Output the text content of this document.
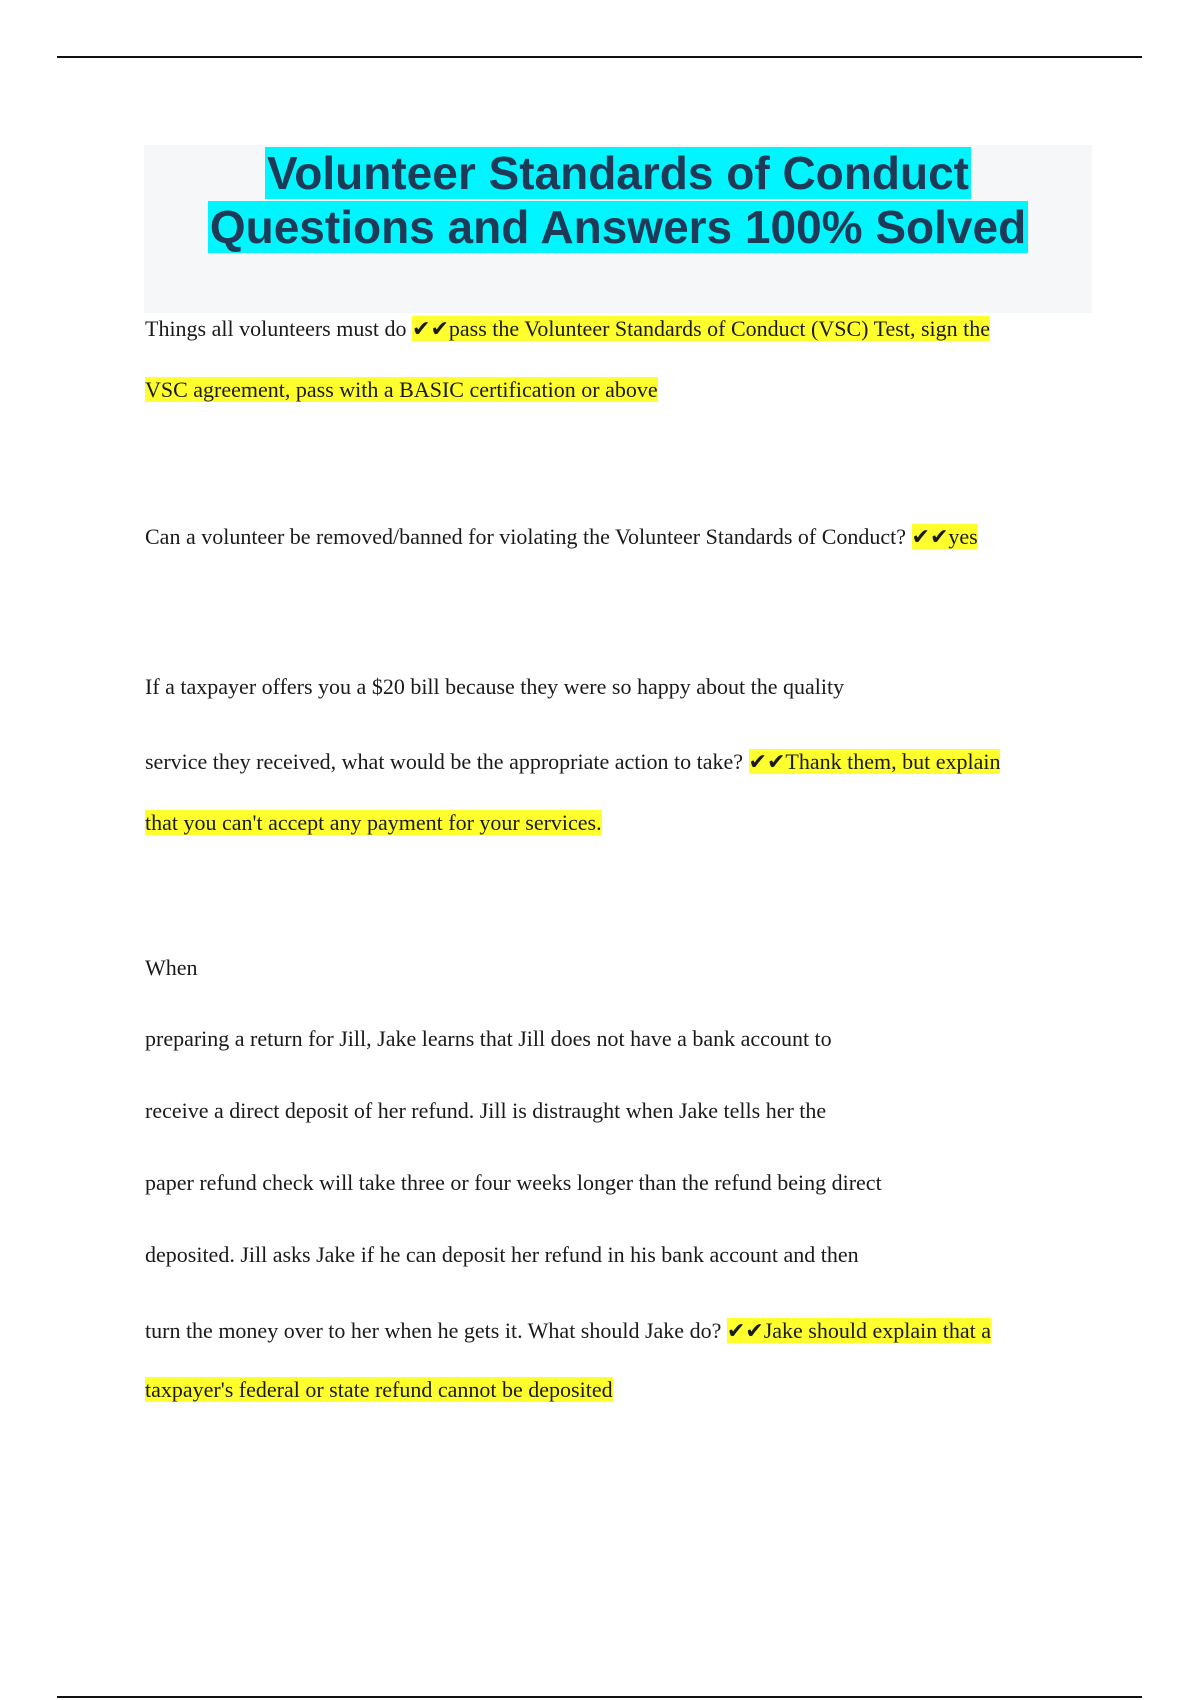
Volunteer Standards of Conduct
Questions and Answers 100% Solved
Things all volunteers must do ✔✔pass the Volunteer Standards of Conduct (VSC) Test, sign the
VSC agreement, pass with a BASIC certification or above
Can a volunteer be removed/banned for violating the Volunteer Standards of Conduct? ✔✔yes
If a taxpayer offers you a $20 bill because they were so happy about the quality
service they received, what would be the appropriate action to take? ✔✔Thank them, but explain
that you can't accept any payment for your services.
When
preparing a return for Jill, Jake learns that Jill does not have a bank account to
receive a direct deposit of her refund. Jill is distraught when Jake tells her the
paper refund check will take three or four weeks longer than the refund being direct
deposited. Jill asks Jake if he can deposit her refund in his bank account and then
turn the money over to her when he gets it. What should Jake do? ✔✔Jake should explain that a
taxpayer's federal or state refund cannot be deposited
